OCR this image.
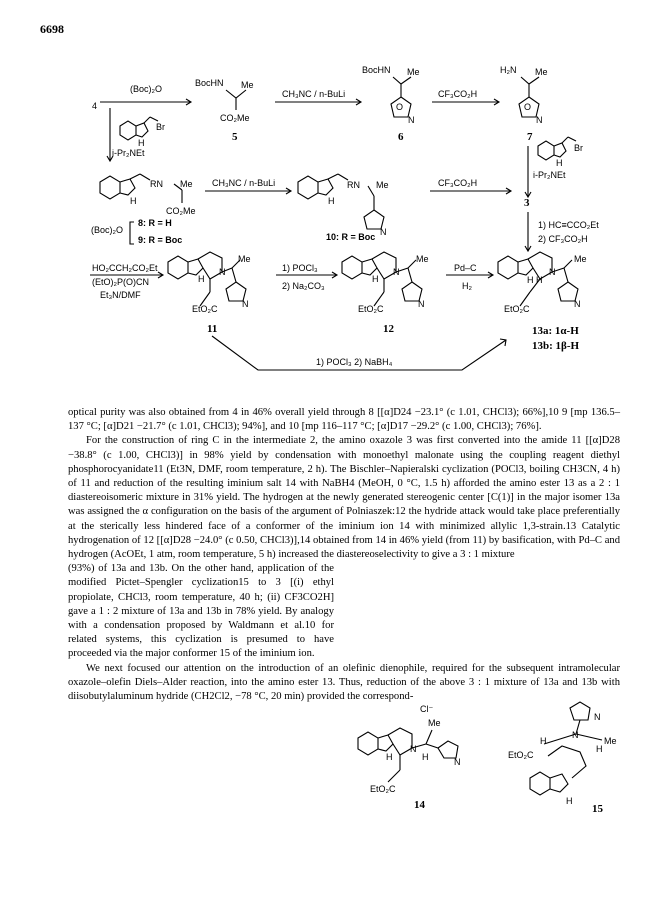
6698
4
(Boc)₂O
BocHN Me
CO₂Me
5
CH₃NC / n-BuLi
BocHN Me
O
N
6
CF₃CO₂H
H₂N Me
O
N
7
H
Br
i-Pr₂NEt
H
Br
i-Pr₂NEt
H
RN Me
CO₂Me
(Boc)₂O
8: R = H
9: R = Boc
CH₃NC / n-BuLi
H
RN Me
N
10: R = Boc
CF₃CO₂H
3
1) HC≡CCO₂Et
2) CF₃CO₂H
HO₂CCH₂CO₂Et
(EtO)₂P(O)CN
Et₃N/DMF
H
N
Me
EtO₂C	N
11
1) POCl₃
2) Na₂CO₃
H
N
Me
EtO₂C	N
12
Pd–C
H₂
H H
N
Me
EtO₂C	N
13a: 1α-H
13b: 1β-H
1) POCl₃ 2) NaBH₄

optical purity was also obtained from 4 in 46% overall yield through 8 [[α]D24 −23.1° (c 1.01, CHCl3); 66%],10 9 [mp 136.5–137 °C; [α]D21 −21.7° (c 1.01, CHCl3); 94%], and 10 [mp 116–117 °C; [α]D17 −29.2° (c 1.00, CHCl3); 76%].

For the construction of ring C in the intermediate 2, the amino oxazole 3 was first converted into the amide 11 [[α]D28 −38.8° (c 1.00, CHCl3)] in 98% yield by condensation with monoethyl malonate using the coupling reagent diethyl phosphorocyanidate11 (Et3N, DMF, room temperature, 2 h). The Bischler–Napieralski cyclization (POCl3, boiling CH3CN, 4 h) of 11 and reduction of the resulting iminium salt 14 with NaBH4 (MeOH, 0 °C, 1.5 h) afforded the amino ester 13 as a 2 : 1 diastereoisomeric mixture in 31% yield. The hydrogen at the newly generated stereogenic center [C(1)] in the major isomer 13a was assigned the α configuration on the basis of the argument of Polniaszek:12 the hydride attack would take place preferentially at the sterically less hindered face of a conformer of the iminium ion 14 with minimized allylic 1,3-strain.13 Catalytic hydrogenation of 12 [[α]D28 −24.0° (c 0.50, CHCl3)],14 obtained from 14 in 46% yield (from 11) by basification, with Pd–C and hydrogen (AcOEt, 1 atm, room temperature, 5 h) increased the diastereoselectivity to give a 3 : 1 mixture

(93%) of 13a and 13b. On the other hand, application of the modified Pictet–Spengler cyclization15 to 3 [(i) ethyl propiolate, CHCl3, room temperature, 40 h; (ii) CF3CO2H] gave a 1 : 2 mixture of 13a and 13b in 78% yield. By analogy with a condensation proposed by Waldmann et al.10 for related systems, this cyclization is presumed to have proceeded via the major conformer 15 of the iminium ion.

We next focused our attention on the introduction of an olefinic dienophile, required for the subsequent intramolecular oxazole–olefin Diels–Alder reaction, into the amino ester 13. Thus, reduction of the above 3 : 1 mixture of 13a and 13b with diisobutylaluminum hydride (CH2Cl2, −78 °C, 20 min) provided the correspond-

Cl⁻
Me
H
N
N
H
EtO₂C
14
N
N
H
H
Me
EtO₂C
H
15
